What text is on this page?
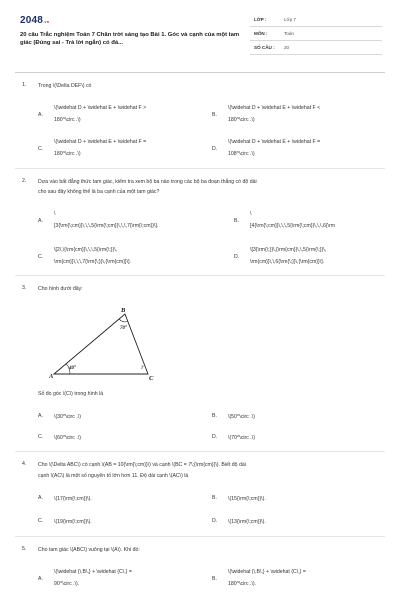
2048.vn
20 câu Trắc nghiệm Toán 7 Chân trời sáng tạo Bài 1. Góc và cạnh của một tam giác (Đúng sai - Trả lời ngắn) có đá...
LỚP :	Lớp 7
MÔN :	Toán
SỐ CÂU : 20
1. Trong \(\Delta DEF\) có
A.
\(\widehat D + \widehat E + \widehat F >
180^\circ .\)
B.
\(\widehat D + \widehat E + \widehat F <
180^\circ .\)
C.
\(\widehat D + \widehat E + \widehat F =
180^\circ .\)
D.
\(\widehat D + \widehat E + \widehat F =
108^\circ .\)
2. Dựa vào bất đẳng thức tam giác, kiểm tra xem bộ ba nào trong các bộ ba đoạn thẳng có độ dài
cho sau đây không thể là ba cạnh của một tam giác?
A.
\
[3{\rm{\;cm}}\,\,\,5{\rm{\;cm}}\,\,\,7{\rm{\;cm}}\].
B.
\
[4{\rm{\;cm}}\,\,\,5{\rm{\;cm}}\,\,\,6{\rm
C.
\[2\,\{\rm{cm}}\,\,\,5{\rm{\;}}\,
\rm{cm}}\,\,\,7{\rm{\;}}\,{\rm{cm}}\].
D.
\[3{\rm{\;}}\,{\rm{cm}}\,\,5{\rm{\;}}\,
\rm{cm}}\,\,6{\rm{\;}}\,{\rm{cm}}\].
3. Cho hình dưới đây:
A
B
C
40°
70°
?
Số đo góc \(C\) trong hình là
A. \(30^\circ .\)	B. \(50^\circ .\)
C. \(60^\circ .\)	D. \(70^\circ .\)
4. Cho \(\Delta ABC\) có cạnh \(AB = 10{\rm{\;cm}}\) và cạnh \(BC = 7\;{\rm{cm}}\). Biết độ dài
cạnh \(AC\) là một số nguyên tố lớn hơn 11. Độ dài cạnh \(AC\) là
A. \(17{\rm{\;cm}}\).	B. \(15{\rm{\;cm}}\).
C. \(19{\rm{\;cm}}\).	D. \(13{\rm{\;cm}}\).
5. Cho tam giác \(ABC\) vuông tại \(A\). Khi đó:
A.
\(\widehat {\,B\,} + \widehat {C\,} =
90^\circ .\).
B.
\(\widehat {\,B\,} + \widehat {C\,} =
180^\circ .\).
